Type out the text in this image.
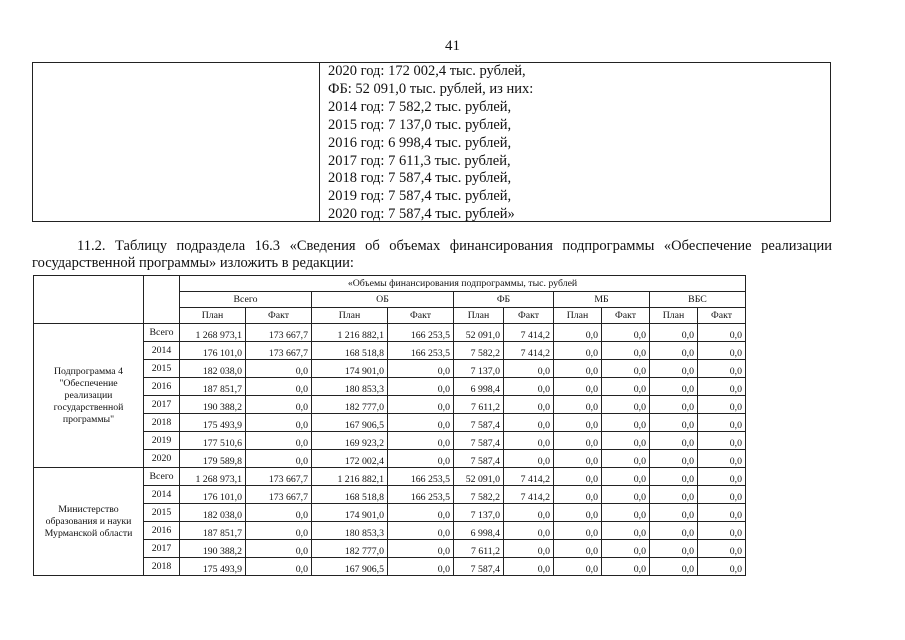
41
2020 год: 172 002,4 тыс. рублей,
ФБ: 52 091,0 тыс. рублей, из них:
2014 год: 7 582,2 тыс. рублей,
2015 год: 7 137,0 тыс. рублей,
2016 год: 6 998,4 тыс. рублей,
2017 год: 7 611,3 тыс. рублей,
2018 год: 7 587,4 тыс. рублей,
2019 год: 7 587,4 тыс. рублей,
2020 год: 7 587,4 тыс. рублей»

11.2. Таблицу подраздела 16.3 «Сведения об объемах финансирования подпрограммы «Обеспечение реализации государственной программы» изложить в редакции:

		«Объемы финансирования подпрограммы, тыс. рублей									
		Всего		ОБ		ФБ		МБ		ВБС	
		План	Факт	План	Факт	План	Факт	План	Факт	План	Факт
Подпрограмма 4 "Обеспечение реализации государственной программы"	Всего	1 268 973,1	173 667,7	1 216 882,1	166 253,5	52 091,0	7 414,2	0,0	0,0	0,0	0,0
	2014	176 101,0	173 667,7	168 518,8	166 253,5	7 582,2	7 414,2	0,0	0,0	0,0	0,0
	2015	182 038,0	0,0	174 901,0	0,0	7 137,0	0,0	0,0	0,0	0,0	0,0
	2016	187 851,7	0,0	180 853,3	0,0	6 998,4	0,0	0,0	0,0	0,0	0,0
	2017	190 388,2	0,0	182 777,0	0,0	7 611,2	0,0	0,0	0,0	0,0	0,0
	2018	175 493,9	0,0	167 906,5	0,0	7 587,4	0,0	0,0	0,0	0,0	0,0
	2019	177 510,6	0,0	169 923,2	0,0	7 587,4	0,0	0,0	0,0	0,0	0,0
	2020	179 589,8	0,0	172 002,4	0,0	7 587,4	0,0	0,0	0,0	0,0	0,0
Министерство образования и науки Мурманской области	Всего	1 268 973,1	173 667,7	1 216 882,1	166 253,5	52 091,0	7 414,2	0,0	0,0	0,0	0,0
	2014	176 101,0	173 667,7	168 518,8	166 253,5	7 582,2	7 414,2	0,0	0,0	0,0	0,0
	2015	182 038,0	0,0	174 901,0	0,0	7 137,0	0,0	0,0	0,0	0,0	0,0
	2016	187 851,7	0,0	180 853,3	0,0	6 998,4	0,0	0,0	0,0	0,0	0,0
	2017	190 388,2	0,0	182 777,0	0,0	7 611,2	0,0	0,0	0,0	0,0	0,0
	2018	175 493,9	0,0	167 906,5	0,0	7 587,4	0,0	0,0	0,0	0,0	0,0
